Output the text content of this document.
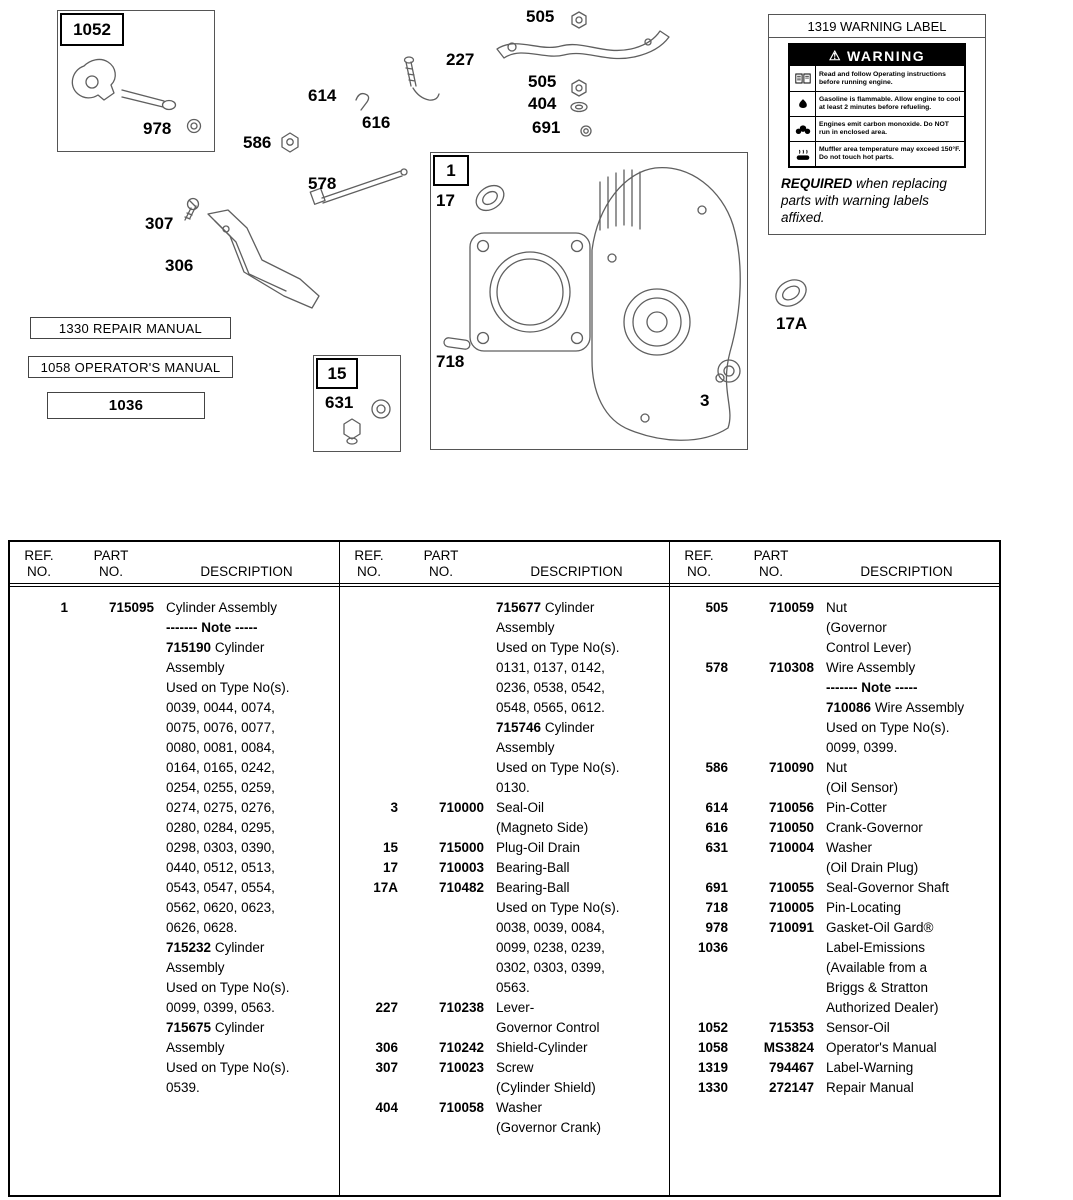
1052
1
15
978
586
614
616
578
307
306
227
505
505
404
691
17
718
3
17A
631
1330 REPAIR MANUAL
1058 OPERATOR'S MANUAL
1036
1319 WARNING LABEL
⚠ WARNING
Read and follow Operating instructions before running engine.
Gasoline is flammable. Allow engine to cool at least 2 minutes before refueling.
Engines emit carbon monoxide. Do NOT run in enclosed area.
Muffler area temperature may exceed 150°F. Do not touch hot parts.
REQUIRED when replacing parts with warning labels affixed.
REF.
NO.
PART
NO.	DESCRIPTION
1	715095 Cylinder Assembly
------- Note -----
715190 Cylinder
Assembly
Used on Type No(s).
0039, 0044, 0074,
0075, 0076, 0077,
0080, 0081, 0084,
0164, 0165, 0242,
0254, 0255, 0259,
0274, 0275, 0276,
0280, 0284, 0295,
0298, 0303, 0390,
0440, 0512, 0513,
0543, 0547, 0554,
0562, 0620, 0623,
0626, 0628.
715232 Cylinder
Assembly
Used on Type No(s).
0099, 0399, 0563.
715675 Cylinder
Assembly
Used on Type No(s).
0539.
REF.
NO.
PART
NO.	DESCRIPTION
715677 Cylinder
Assembly
Used on Type No(s).
0131, 0137, 0142,
0236, 0538, 0542,
0548, 0565, 0612.
715746 Cylinder
Assembly
Used on Type No(s).
0130.
3	710000 Seal-Oil
(Magneto Side)
15	715000 Plug-Oil Drain
17	710003 Bearing-Ball
17A	710482 Bearing-Ball
Used on Type No(s).
0038, 0039, 0084,
0099, 0238, 0239,
0302, 0303, 0399,
0563.
227	710238 Lever-
Governor Control
306	710242 Shield-Cylinder
307	710023 Screw
(Cylinder Shield)
404	710058 Washer
(Governor Crank)
REF.
NO.
PART
NO.	DESCRIPTION
505	710059 Nut
(Governor
Control Lever)
578	710308 Wire Assembly
------- Note -----
710086 Wire Assembly
Used on Type No(s).
0099, 0399.
586	710090 Nut
(Oil Sensor)
614	710056 Pin-Cotter
616	710050 Crank-Governor
631	710004 Washer
(Oil Drain Plug)
691	710055 Seal-Governor Shaft
718	710005 Pin-Locating
978	710091 Gasket-Oil Gard®
1036	Label-Emissions
(Available from a
Briggs & Stratton
Authorized Dealer)
1052	715353 Sensor-Oil
1058	MS3824 Operator's Manual
1319	794467 Label-Warning
1330	272147 Repair Manual
